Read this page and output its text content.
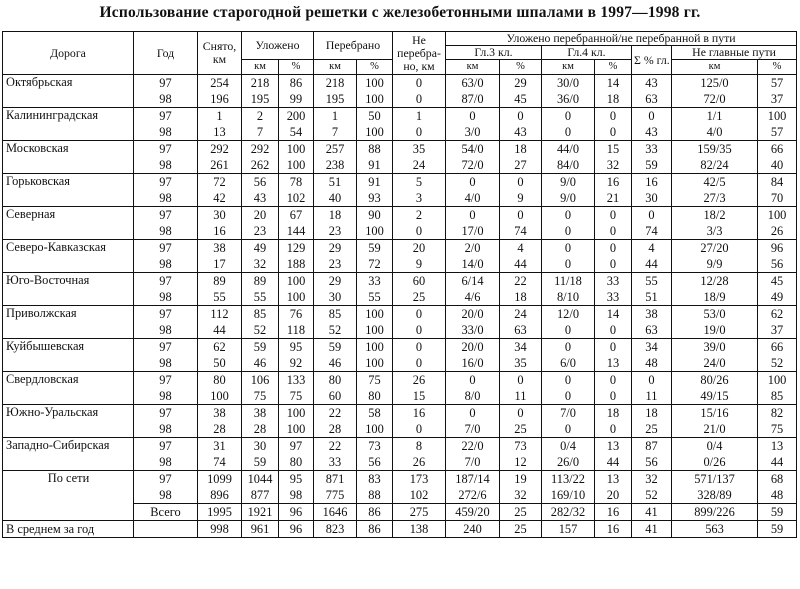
Использование старогодной решетки с железобетонными шпалами в 1997—1998 гг.
Дорога	Год	Снято, км	Уложено		Перебрано		Не перебра-но, км	Уложено перебранной/не перебранной в пути						
								Гл.3 кл.		Гл.4 кл.		Σ % гл.	Не главные пути	
			км	%	км	%		км	%	км	%		км	%
Октябрьская	97	254	218	86	218	100	0	63/0	29	30/0	14	43	125/0	57
	98	196	195	99	195	100	0	87/0	45	36/0	18	63	72/0	37
Калининградская	97	1	2	200	1	50	1	0	0	0	0	0	1/1	100
	98	13	7	54	7	100	0	3/0	43	0	0	43	4/0	57
Московская	97	292	292	100	257	88	35	54/0	18	44/0	15	33	159/35	66
	98	261	262	100	238	91	24	72/0	27	84/0	32	59	82/24	40
Горьковская	97	72	56	78	51	91	5	0	0	9/0	16	16	42/5	84
	98	42	43	102	40	93	3	4/0	9	9/0	21	30	27/3	70
Северная	97	30	20	67	18	90	2	0	0	0	0	0	18/2	100
	98	16	23	144	23	100	0	17/0	74	0	0	74	3/3	26
Северо-Кавказская	97	38	49	129	29	59	20	2/0	4	0	0	4	27/20	96
	98	17	32	188	23	72	9	14/0	44	0	0	44	9/9	56
Юго-Восточная	97	89	89	100	29	33	60	6/14	22	11/18	33	55	12/28	45
	98	55	55	100	30	55	25	4/6	18	8/10	33	51	18/9	49
Приволжская	97	112	85	76	85	100	0	20/0	24	12/0	14	38	53/0	62
	98	44	52	118	52	100	0	33/0	63	0	0	63	19/0	37
Куйбышевская	97	62	59	95	59	100	0	20/0	34	0	0	34	39/0	66
	98	50	46	92	46	100	0	16/0	35	6/0	13	48	24/0	52
Свердловская	97	80	106	133	80	75	26	0	0	0	0	0	80/26	100
	98	100	75	75	60	80	15	8/0	11	0	0	11	49/15	85
Южно-Уральская	97	38	38	100	22	58	16	0	0	7/0	18	18	15/16	82
	98	28	28	100	28	100	0	7/0	25	0	0	25	21/0	75
Западно-Сибирская	97	31	30	97	22	73	8	22/0	73	0/4	13	87	0/4	13
	98	74	59	80	33	56	26	7/0	12	26/0	44	56	0/26	44
По сети	97	1099	1044	95	871	83	173	187/14	19	113/22	13	32	571/137	68
	98	896	877	98	775	88	102	272/6	32	169/10	20	52	328/89	48
	Всего	1995	1921	96	1646	86	275	459/20	25	282/32	16	41	899/226	59
В среднем за год		998	961	96	823	86	138	240	25	157	16	41	563	59
